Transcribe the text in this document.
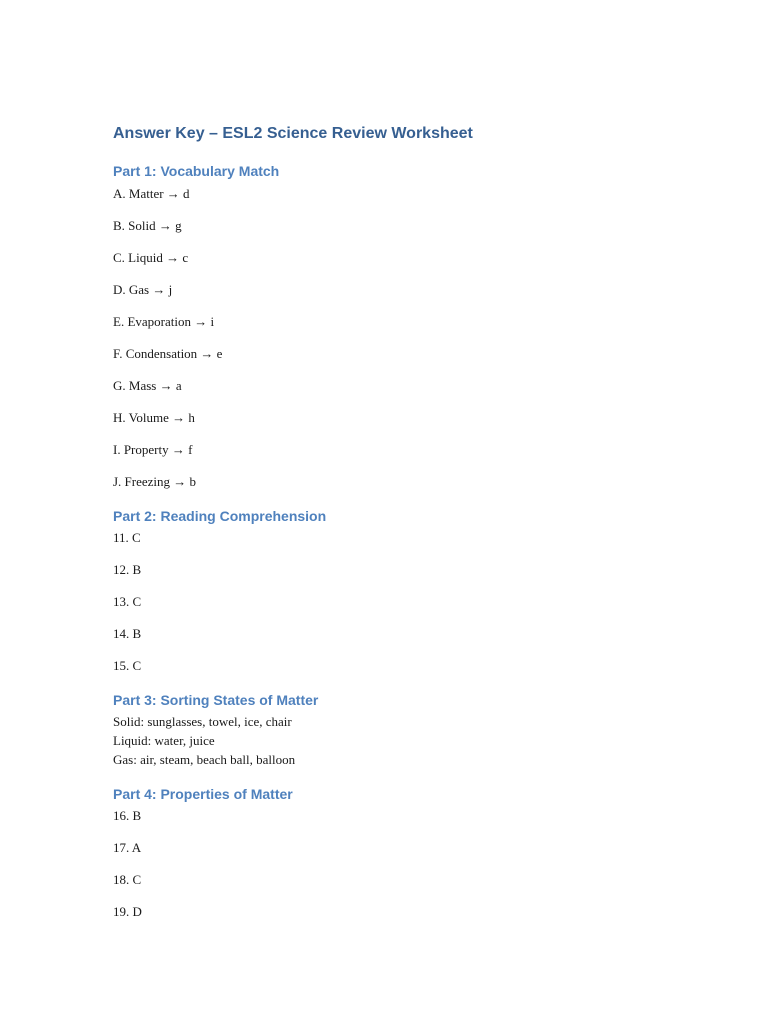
Answer Key – ESL2 Science Review Worksheet
Part 1: Vocabulary Match

A. Matter → d

B. Solid → g

C. Liquid → c

D. Gas → j

E. Evaporation → i

F. Condensation → e

G. Mass → a

H. Volume → h

I. Property → f

J. Freezing → b

Part 2: Reading Comprehension

11. C

12. B

13. C

14. B

15. C

Part 3: Sorting States of Matter

Solid: sunglasses, towel, ice, chair

Liquid: water, juice

Gas: air, steam, beach ball, balloon

Part 4: Properties of Matter

16. B

17. A

18. C

19. D
